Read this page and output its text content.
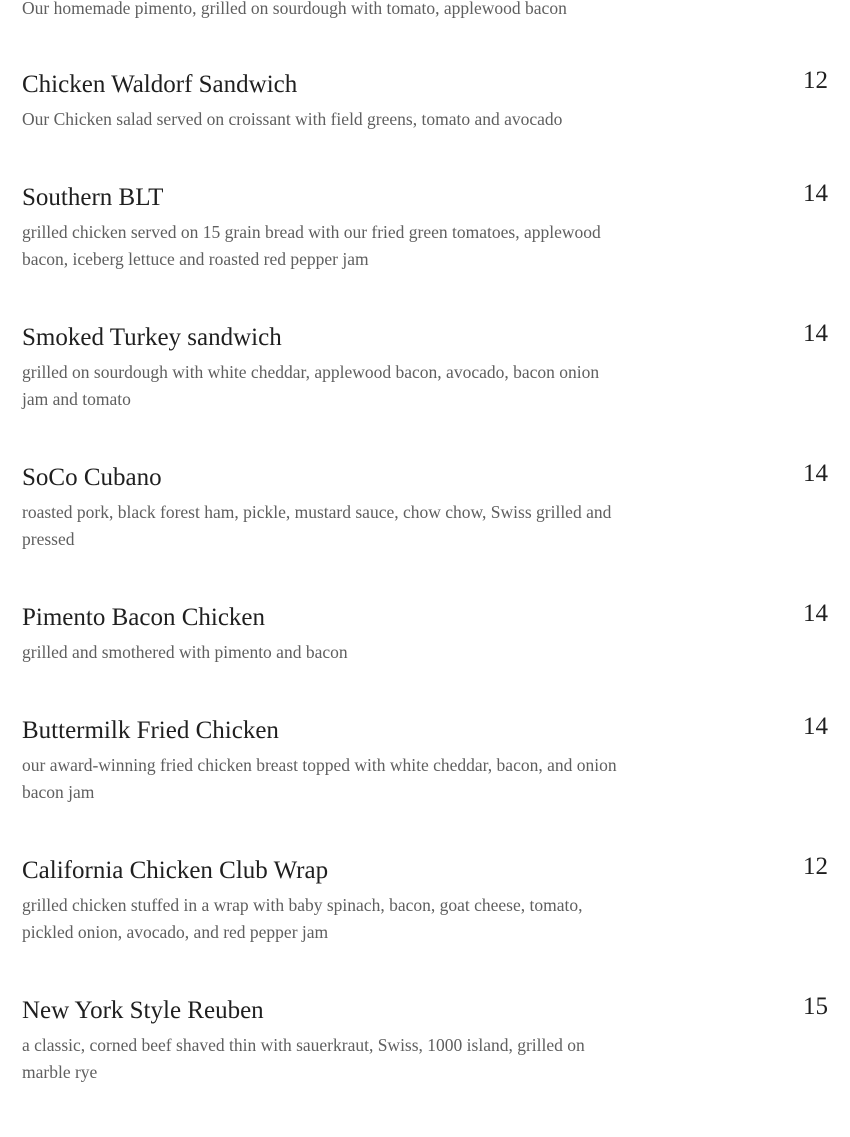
Our homemade pimento, grilled on sourdough with tomato, applewood bacon
Chicken Waldorf Sandwich	12
Our Chicken salad served on croissant with field greens, tomato and avocado
Southern BLT	14
grilled chicken served on 15 grain bread with our fried green tomatoes, applewood bacon, iceberg lettuce and roasted red pepper jam
Smoked Turkey sandwich	14
grilled on sourdough with white cheddar, applewood bacon, avocado, bacon onion jam and tomato
SoCo Cubano	14
roasted pork, black forest ham, pickle, mustard sauce, chow chow, Swiss grilled and pressed
Pimento Bacon Chicken	14
grilled and smothered with pimento and bacon
Buttermilk Fried Chicken	14
our award-winning fried chicken breast topped with white cheddar, bacon, and onion bacon jam
California Chicken Club Wrap	12
grilled chicken stuffed in a wrap with baby spinach, bacon, goat cheese, tomato, pickled onion, avocado, and red pepper jam
New York Style Reuben	15
a classic, corned beef shaved thin with sauerkraut, Swiss, 1000 island, grilled on marble rye
